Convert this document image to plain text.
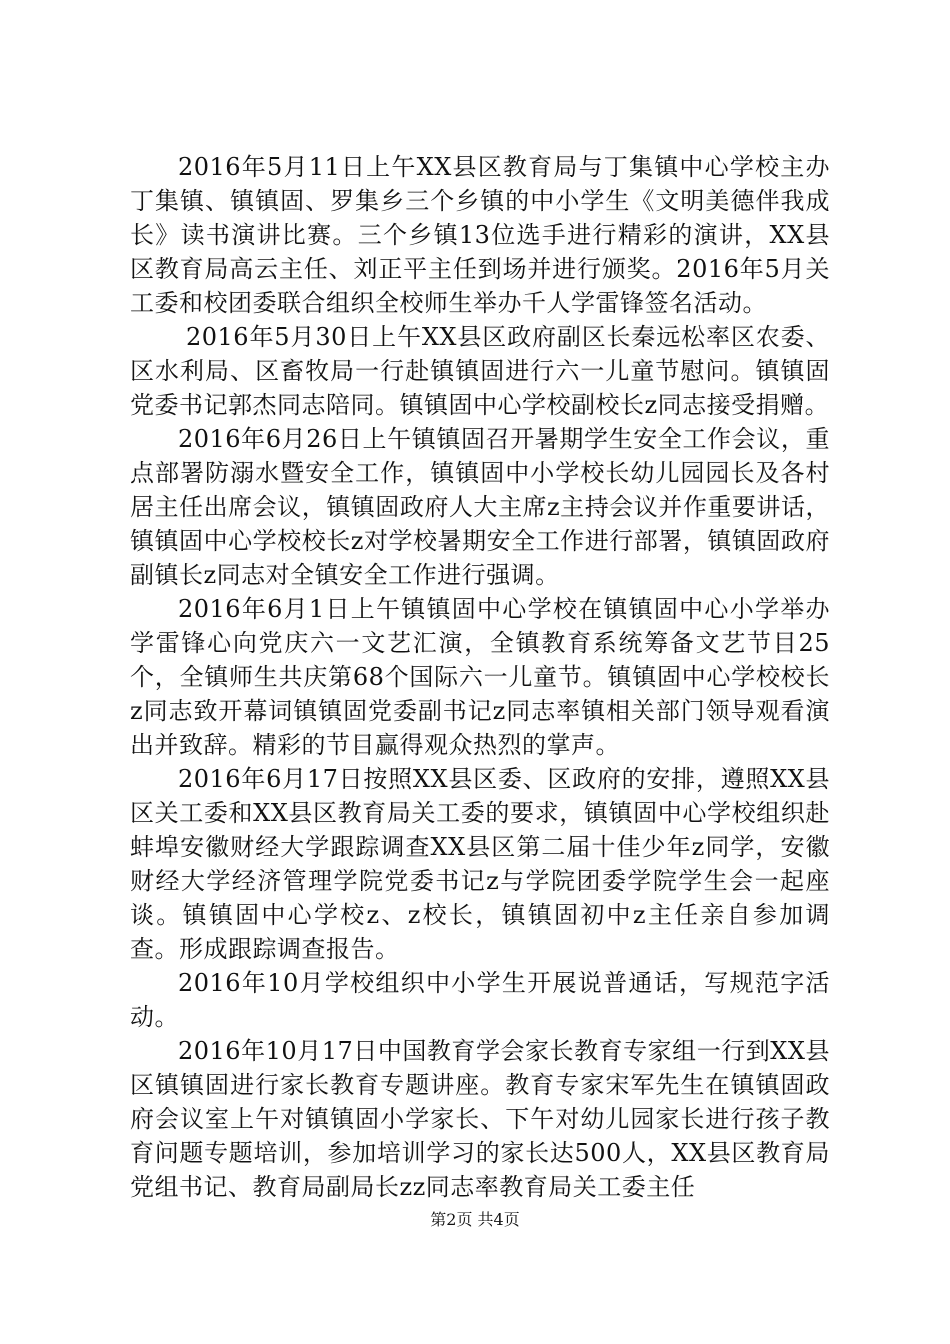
2016年5月11日上午XX县区教育局与丁集镇中心学校主办丁集镇、镇镇固、罗集乡三个乡镇的中小学生《文明美德伴我成长》读书演讲比赛。三个乡镇13位选手进行精彩的演讲，XX县区教育局高云主任、刘正平主任到场并进行颁奖。2016年5月关工委和校团委联合组织全校师生举办千人学雷锋签名活动。

2016年5月30日上午XX县区政府副区长秦远松率区农委、区水利局、区畜牧局一行赴镇镇固进行六一儿童节慰问。镇镇固党委书记郭杰同志陪同。镇镇固中心学校副校长z同志接受捐赠。

2016年6月26日上午镇镇固召开暑期学生安全工作会议，重点部署防溺水暨安全工作，镇镇固中小学校长幼儿园园长及各村居主任出席会议，镇镇固政府人大主席z主持会议并作重要讲话，镇镇固中心学校校长z对学校暑期安全工作进行部署，镇镇固政府副镇长z同志对全镇安全工作进行强调。

2016年6月1日上午镇镇固中心学校在镇镇固中心小学举办学雷锋心向党庆六一文艺汇演，全镇教育系统筹备文艺节目25个，全镇师生共庆第68个国际六一儿童节。镇镇固中心学校校长z同志致开幕词镇镇固党委副书记z同志率镇相关部门领导观看演出并致辞。精彩的节目赢得观众热烈的掌声。

2016年6月17日按照XX县区委、区政府的安排，遵照XX县区关工委和XX县区教育局关工委的要求，镇镇固中心学校组织赴蚌埠安徽财经大学跟踪调查XX县区第二届十佳少年z同学，安徽财经大学经济管理学院党委书记z与学院团委学院学生会一起座谈。镇镇固中心学校z、z校长，镇镇固初中z主任亲自参加调查。形成跟踪调查报告。

2016年10月学校组织中小学生开展说普通话，写规范字活动。

2016年10月17日中国教育学会家长教育专家组一行到XX县区镇镇固进行家长教育专题讲座。教育专家宋军先生在镇镇固政府会议室上午对镇镇固小学家长、下午对幼儿园家长进行孩子教育问题专题培训，参加培训学习的家长达500人，XX县区教育局党组书记、教育局副局长zz同志率教育局关工委主任

第2页 共4页
